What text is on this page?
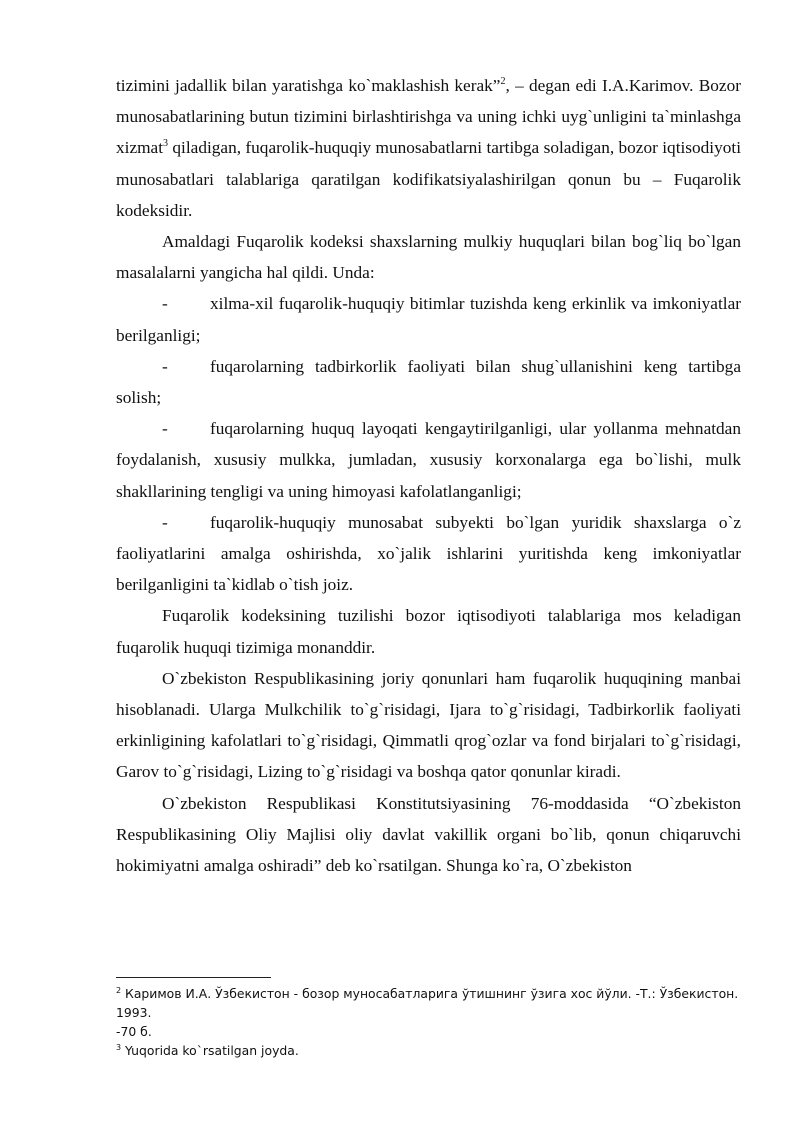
tizimini jadallik bilan yaratishga ko`maklashish kerak”$^2$, – degan edi I.A.Karimov. Bozor munosabatlarining butun tizimini birlashtirishga va uning ichki uyg`unligini ta`minlashga xizmat$^3$ qiladigan, fuqarolik-huquqiy munosabatlarni tartibga soladigan, bozor iqtisodiyoti munosabatlari talablariga qaratilgan kodifikatsiyalashirilgan qonun bu – Fuqarolik kodeksidir.

Amaldagi Fuqarolik kodeksi shaxslarning mulkiy huquqlari bilan bog`liq bo`lgan masalalarni yangicha hal qildi. Unda:

- xilma-xil fuqarolik-huquqiy bitimlar tuzishda keng erkinlik va imkoniyatlar berilganligi;

- fuqarolarning tadbirkorlik faoliyati bilan shug`ullanishini keng tartibga solish;

- fuqarolarning huquq layoqati kengaytirilganligi, ular yollanma mehnatdan foydalanish, xususiy mulkka, jumladan, xususiy korxonalarga ega bo`lishi, mulk shakllarining tengligi va uning himoyasi kafolatlanganligi;

- fuqarolik-huquqiy munosabat subyekti bo`lgan yuridik shaxslarga o`z faoliyatlarini amalga oshirishda, xo`jalik ishlarini yuritishda keng imkoniyatlar berilganligini ta`kidlab o`tish joiz.

Fuqarolik kodeksining tuzilishi bozor iqtisodiyoti talablariga mos keladigan fuqarolik huquqi tizimiga monanddir.

O`zbekiston Respublikasining joriy qonunlari ham fuqarolik huquqining manbai hisoblanadi. Ularga Mulkchilik to`g`risidagi, Ijara to`g`risidagi, Tadbirkorlik faoliyati erkinligining kafolatlari to`g`risidagi, Qimmatli qrog`ozlar va fond birjalari to`g`risidagi, Garov to`g`risidagi, Lizing to`g`risidagi va boshqa qator qonunlar kiradi.

O`zbekiston Respublikasi Konstitutsiyasining 76-moddasida “O`zbekiston Respublikasining Oliy Majlisi oliy davlat vakillik organi bo`lib, qonun chiqaruvchi hokimiyatni amalga oshiradi” deb ko`rsatilgan. Shunga ko`ra, O`zbekiston

$^2$ Каримов И.А. Ўзбекистон - бозор муносабатларига ўтишнинг ўзига хос йўли. -Т.: Ўзбекистон. 1993.
-70 б.
$^3$ Yuqorida ko`rsatilgan joyda.
